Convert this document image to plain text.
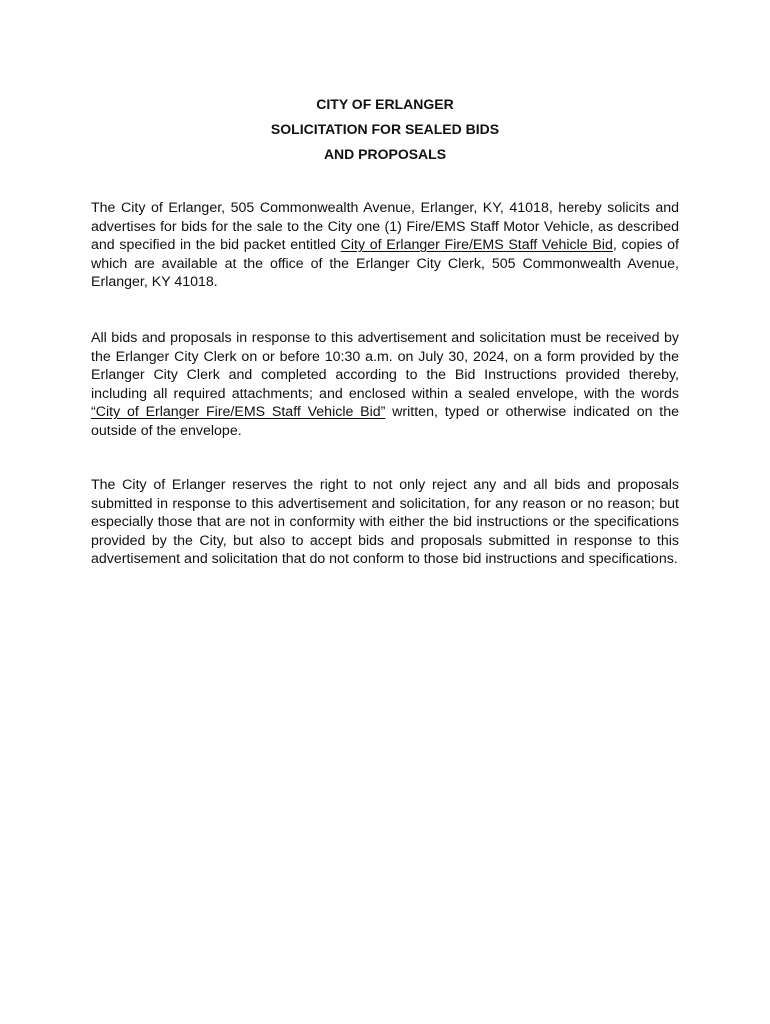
CITY OF ERLANGER
SOLICITATION FOR SEALED BIDS
AND PROPOSALS

The City of Erlanger, 505 Commonwealth Avenue, Erlanger, KY, 41018, hereby solicits and advertises for bids for the sale to the City one (1) Fire/EMS Staff Motor Vehicle, as described and specified in the bid packet entitled City of Erlanger Fire/EMS Staff Vehicle Bid, copies of which are available at the office of the Erlanger City Clerk, 505 Commonwealth Avenue, Erlanger, KY 41018.

All bids and proposals in response to this advertisement and solicitation must be received by the Erlanger City Clerk on or before 10:30 a.m. on July 30, 2024, on a form provided by the Erlanger City Clerk and completed according to the Bid Instructions provided thereby, including all required attachments; and enclosed within a sealed envelope, with the words “City of Erlanger Fire/EMS Staff Vehicle Bid” written, typed or otherwise indicated on the outside of the envelope.

The City of Erlanger reserves the right to not only reject any and all bids and proposals submitted in response to this advertisement and solicitation, for any reason or no reason; but especially those that are not in conformity with either the bid instructions or the specifications provided by the City, but also to accept bids and proposals submitted in response to this advertisement and solicitation that do not conform to those bid instructions and specifications.
